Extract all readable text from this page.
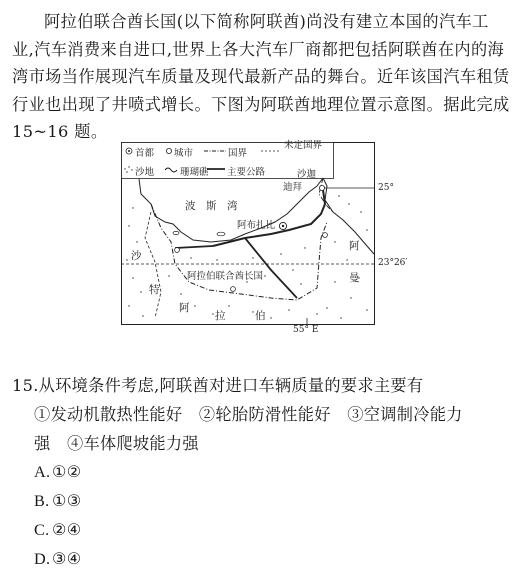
阿拉伯联合酋长国(以下简称阿联酋)尚没有建立本国的汽车工
业,汽车消费来自进口,世界上各大汽车厂商都把包括阿联酋在内的海
湾市场当作展现汽车质量及现代最新产品的舞台。近年该国汽车租赁
行业也出现了井喷式增长。下图为阿联酋地理位置示意图。据此完成
15~16 题。
首都 城市	国界
未定国界
沙地	珊瑚礁 主要公路
波　斯　湾
阿布扎比
沙迦
迪拜
阿
曼
阿拉伯联合酋长国
沙
特
阿
拉	伯
25°
23°26′
55° E
15.从环境条件考虑,阿联酋对进口车辆质量的要求主要有
①发动机散热性能好　②轮胎防滑性能好　③空调制冷能力
强　④车体爬坡能力强
A. ①②
B. ①③
C. ②④
D. ③④
